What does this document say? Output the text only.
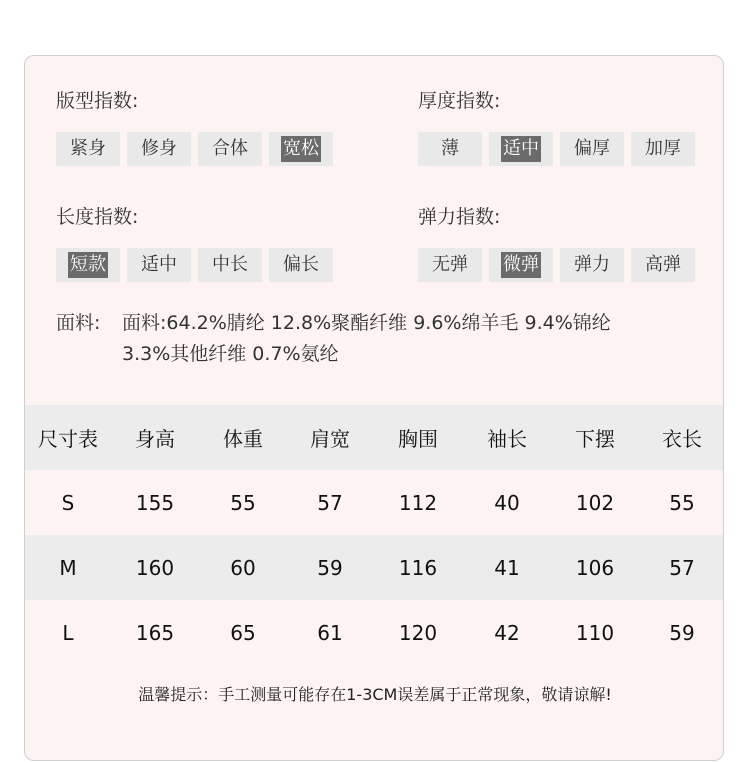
版型指数:
紧身	修身	合体	宽松
厚度指数:
薄	适中	偏厚	加厚
长度指数:
短款	适中	中长	偏长
弹力指数:
无弹	微弹	弹力	高弹
面料: 面料:64.2%腈纶 12.8%聚酯纤维 9.6%绵羊毛 9.4%锦纶
3.3%其他纤维 0.7%氨纶
尺寸表	身高	体重	肩宽	胸围	袖长	下摆	衣长
S	155	55	57	112	40	102	55
M	160	60	59	116	41	106	57
L	165	65	61	120	42	110	59
温馨提示：手工测量可能存在1-3CM误差属于正常现象，敬请谅解!
